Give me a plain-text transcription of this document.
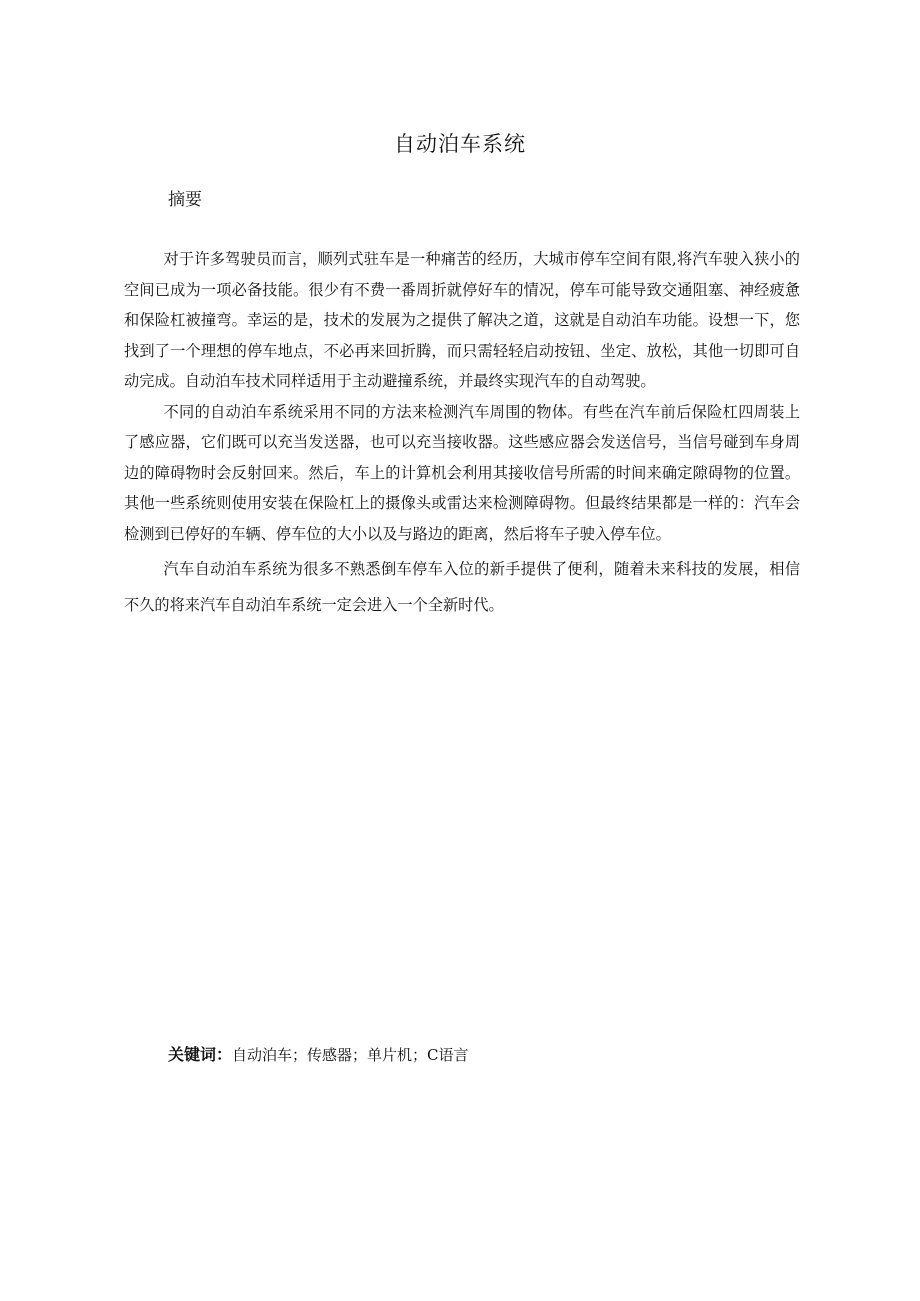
自动泊车系统
摘要

对于许多驾驶员而言，顺列式驻车是一种痛苦的经历，大城市停车空间有限,将汽车驶入狭小的空间已成为一项必备技能。很少有不费一番周折就停好车的情况，停车可能导致交通阻塞、神经疲惫和保险杠被撞弯。幸运的是，技术的发展为之提供了解决之道，这就是自动泊车功能。设想一下，您找到了一个理想的停车地点，不必再来回折腾，而只需轻轻启动按钮、坐定、放松，其他一切即可自动完成。自动泊车技术同样适用于主动避撞系统，并最终实现汽车的自动驾驶。

不同的自动泊车系统采用不同的方法来检测汽车周围的物体。有些在汽车前后保险杠四周装上了感应器，它们既可以充当发送器，也可以充当接收器。这些感应器会发送信号，当信号碰到车身周边的障碍物时会反射回来。然后，车上的计算机会利用其接收信号所需的时间来确定隙碍物的位置。其他一些系统则使用安装在保险杠上的摄像头或雷达来检测障碍物。但最终结果都是一样的：汽车会检测到已停好的车辆、停车位的大小以及与路边的距离，然后将车子驶入停车位。

汽车自动泊车系统为很多不熟悉倒车停车入位的新手提供了便利，随着未来科技的发展，相信不久的将来汽车自动泊车系统一定会进入一个全新时代。

关键词：自动泊车；传感器；单片机；C语言
